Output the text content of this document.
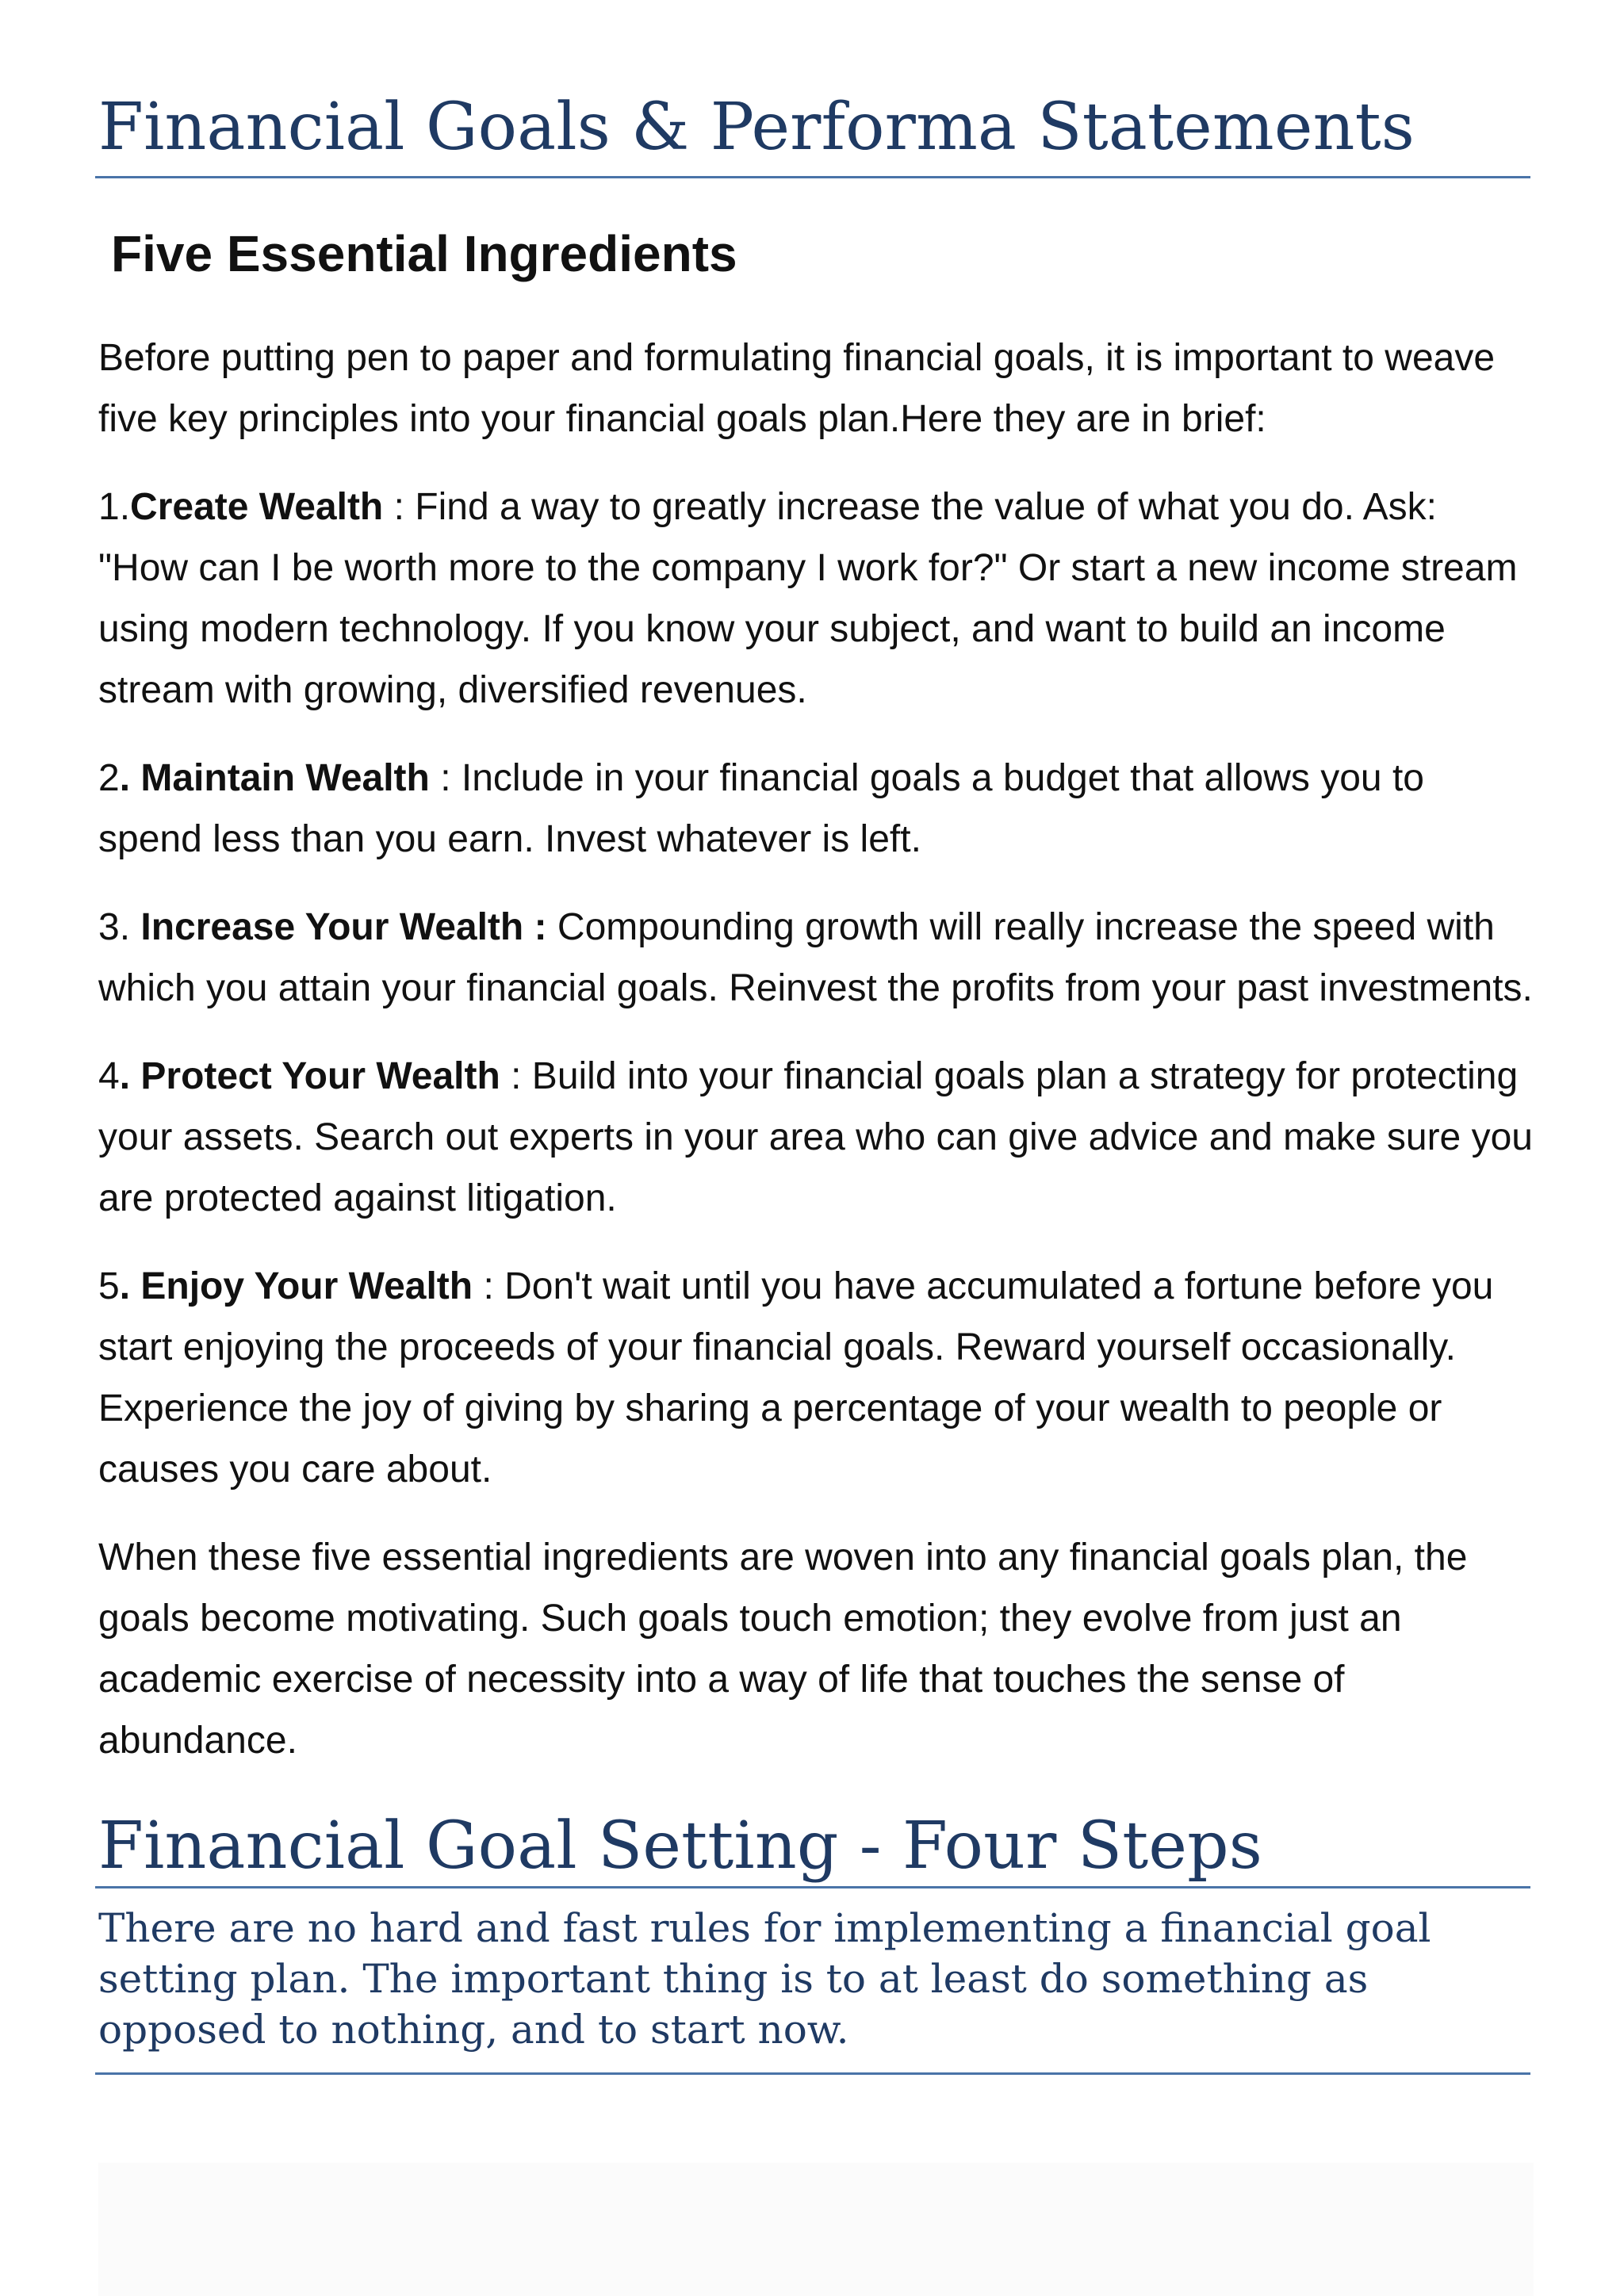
Financial Goals & Performa Statements
Five Essential Ingredients

Before putting pen to paper and formulating financial goals, it is important to weave five key principles into your financial goals plan.Here they are in brief:

1.Create Wealth : Find a way to greatly increase the value of what you do. Ask: "How can I be worth more to the company I work for?" Or start a new income stream using modern technology. If you know your subject, and want to build an income stream with growing, diversified revenues.

2. Maintain Wealth : Include in your financial goals a budget that allows you to spend less than you earn. Invest whatever is left.

3. Increase Your Wealth : Compounding growth will really increase the speed with which you attain your financial goals. Reinvest the profits from your past investments.

4. Protect Your Wealth : Build into your financial goals plan a strategy for protecting your assets. Search out experts in your area who can give advice and make sure you are protected against litigation.

5. Enjoy Your Wealth : Don't wait until you have accumulated a fortune before you start enjoying the proceeds of your financial goals. Reward yourself occasionally. Experience the joy of giving by sharing a percentage of your wealth to people or causes you care about.

When these five essential ingredients are woven into any financial goals plan, the goals become motivating. Such goals touch emotion; they evolve from just an academic exercise of necessity into a way of life that touches the sense of abundance.

Financial Goal Setting - Four Steps

There are no hard and fast rules for implementing a financial goal setting plan. The important thing is to at least do something as opposed to nothing, and to start now.
